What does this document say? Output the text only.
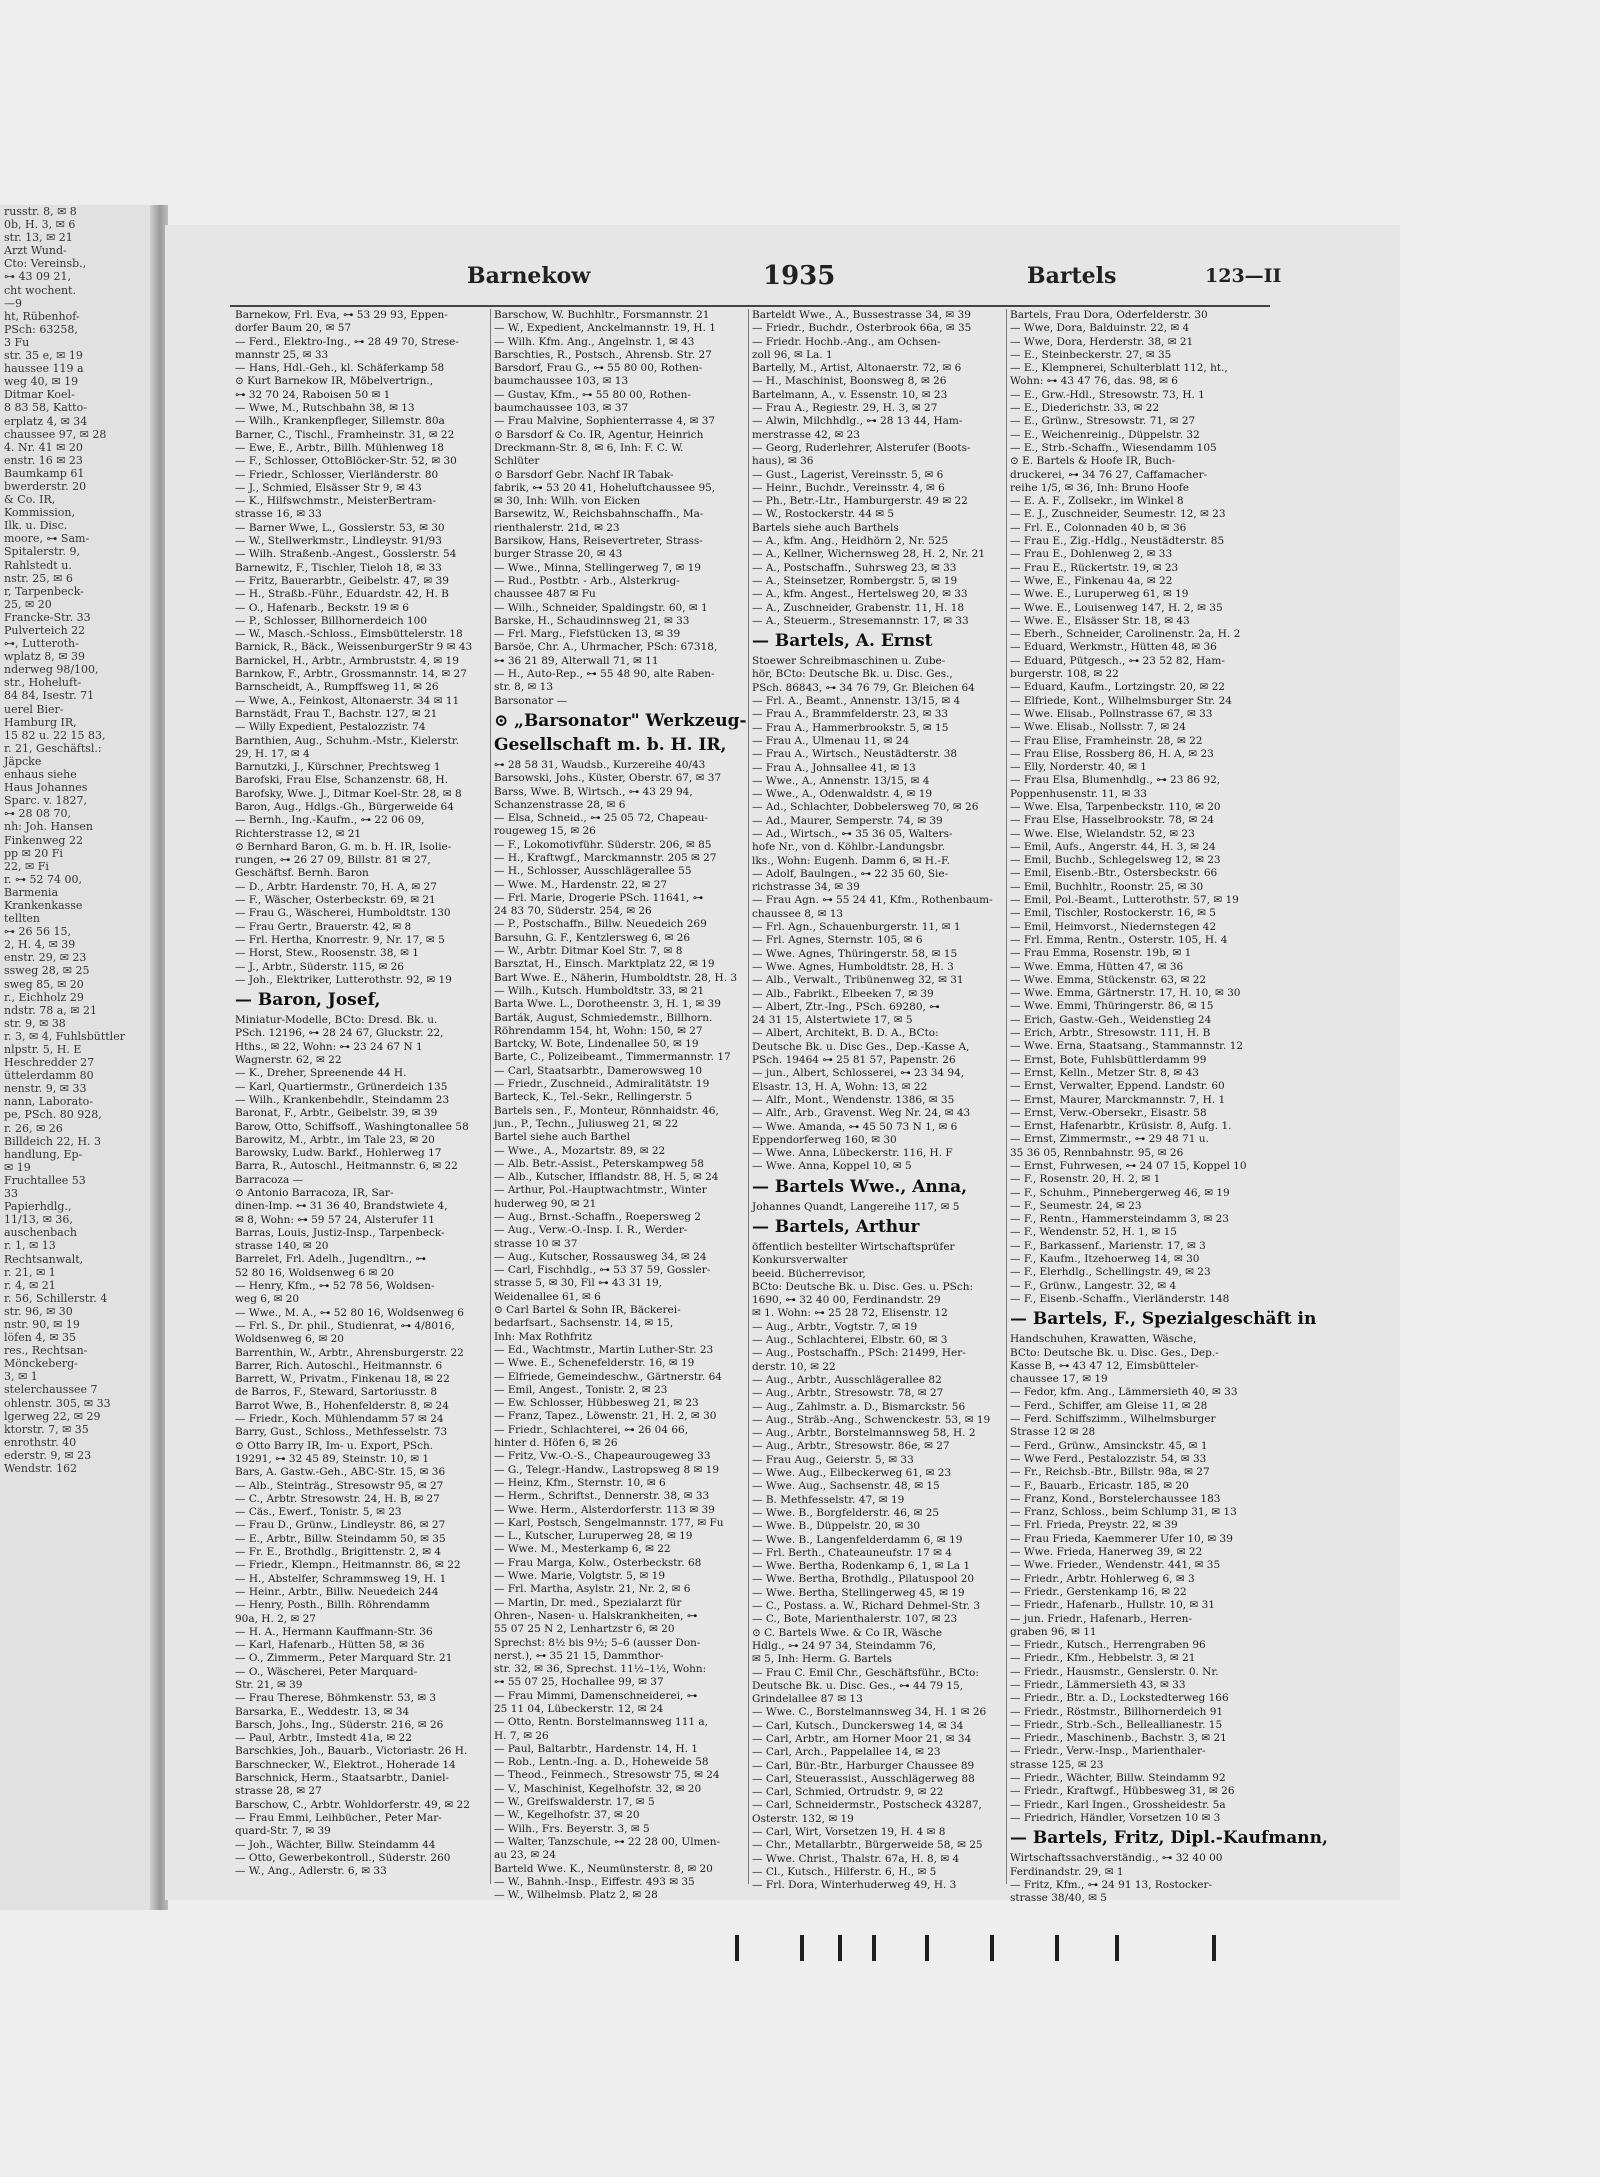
russtr. 8, ✉ 8
0b, H. 3, ✉ 6
str. 13, ✉ 21
Arzt Wund-
Cto: Vereinsb.,
⊶ 43 09 21,
cht wochent.
—9
ht, Rübenhof-
PSch: 63258,
3 Fu
str. 35 e, ✉ 19
haussee 119 a
weg 40, ✉ 19
Ditmar Koel-
8 83 58, Katto-
erplatz 4, ✉ 34
chaussee 97, ✉ 28
4. Nr. 41 ✉ 20
enstr. 16 ✉ 23
Baumkamp 61
bwerderstr. 20
& Co. IR,
Kommission,
Ilk. u. Disc.
moore, ⊶ Sam-
Spitalerstr. 9,
Rahlstedt u.
nstr. 25, ✉ 6
r, Tarpenbeck-
25, ✉ 20
Francke-Str. 33
Pulverteich 22
⊶, Lutteroth-
wplatz 8, ✉ 39
nderweg 98/100,
str., Hoheluft-
84 84, Isestr. 71
uerel Bier-
Hamburg IR,
15 82 u. 22 15 83,
r. 21, Geschäftsl.:
Jäpcke
enhaus siehe
Haus Johannes
Sparc. v. 1827,
⊶ 28 08 70,
nh: Joh. Hansen
Finkenweg 22
pp ✉ 20 Fi
22, ✉ Fi
r. ⊶ 52 74 00,
Barmenia
Krankenkasse
tellten
⊶ 26 56 15,
2, H. 4, ✉ 39
enstr. 29, ✉ 23
ssweg 28, ✉ 25
sweg 85, ✉ 20
r., Eichholz 29
ndstr. 78 a, ✉ 21
str. 9, ✉ 38
r. 3, ✉ 4, Fuhlsbüttler
nlpstr. 5, H. E
Heschredder 27
üttelerdamm 80
nenstr. 9, ✉ 33
nann, Laborato-
pe, PSch. 80 928,
r. 26, ✉ 26
Billdeich 22, H. 3
handlung, Ep-
✉ 19
Fruchtallee 53
33
Papierhdlg.,
11/13, ✉ 36,
auschenbach
r. 1, ✉ 13
Rechtsanwalt,
r. 21, ✉ 1
r. 4, ✉ 21
r. 56, Schillerstr. 4
str. 96, ✉ 30
nstr. 90, ✉ 19
löfen 4, ✉ 35
res., Rechtsan-
Mönckeberg-
3, ✉ 1
stelerchaussee 7
ohlenstr. 305, ✉ 33
lgerweg 22, ✉ 29
ktorstr. 7, ✉ 35
enrothstr. 40
ederstr. 9, ✉ 23
Wendstr. 162
Barnekow	1935	Bartels	123—II
Barnekow, Frl. Eva, ⊶ 53 29 93, Eppen-
dorfer Baum 20, ✉ 57
— Ferd., Elektro-Ing., ⊶ 28 49 70, Strese-
mannstr 25, ✉ 33
— Hans, Hdl.-Geh., kl. Schäferkamp 58
⊙ Kurt Barnekow IR, Möbelvertrign.,
⊶ 32 70 24, Raboisen 50 ✉ 1
— Wwe, M., Rutschbahn 38, ✉ 13
— Wilh., Krankenpfleger, Sillemstr. 80a
Barner, C., Tischl., Framheinstr. 31, ✉ 22
— Ewe, E., Arbtr., Billh. Mühlenweg 18
— F., Schlosser, OttoBlöcker-Str. 52, ✉ 30
— Friedr., Schlosser, Vierländerstr. 80
— J., Schmied, Elsässer Str 9, ✉ 43
— K., Hilfswchmstr., MeisterBertram-
strasse 16, ✉ 33
— Barner Wwe, L., Gosslerstr. 53, ✉ 30
— W., Stellwerkmstr., Lindleystr. 91/93
— Wilh. Straßenb.-Angest., Gosslerstr. 54
Barnewitz, F., Tischler, Tieloh 18, ✉ 33
— Fritz, Bauerarbtr., Geibelstr. 47, ✉ 39
— H., Straßb.-Führ., Eduardstr. 42, H. B
— O., Hafenarb., Beckstr. 19 ✉ 6
— P., Schlosser, Billhornerdeich 100
— W., Masch.-Schloss., Eimsbüttelerstr. 18
Barnick, R., Bäck., WeissenburgerStr 9 ✉ 43
Barnickel, H., Arbtr., Armbruststr. 4, ✉ 19
Barnkow, F., Arbtr., Grossmannstr. 14, ✉ 27
Barnscheidt, A., Rumpffsweg 11, ✉ 26
— Wwe, A., Feinkost, Altonaerstr. 34 ✉ 11
Barnstädt, Frau T., Bachstr. 127, ✉ 21
— Willy Expedient, Pestalozzistr. 74
Barnthien, Aug., Schuhm.-Mstr., Kielerstr.
29, H. 17, ✉ 4
Barnutzki, J., Kürschner, Prechtsweg 1
Barofski, Frau Else, Schanzenstr. 68, H.
Barofsky, Wwe. J., Ditmar Koel-Str. 28, ✉ 8
Baron, Aug., Hdlgs.-Gh., Bürgerweide 64
— Bernh., Ing.-Kaufm., ⊶ 22 06 09,
Richterstrasse 12, ✉ 21
⊙ Bernhard Baron, G. m. b. H. IR, Isolie-
rungen, ⊶ 26 27 09, Billstr. 81 ✉ 27,
Geschäftsf. Bernh. Baron
— D., Arbtr. Hardenstr. 70, H. A, ✉ 27
— F., Wäscher, Osterbeckstr. 69, ✉ 21
— Frau G., Wäscherei, Humboldtstr. 130
— Frau Gertr., Brauerstr. 42, ✉ 8
— Frl. Hertha, Knorrestr. 9, Nr. 17, ✉ 5
— Horst, Stew., Roosenstr. 38, ✉ 1
— J., Arbtr., Süderstr. 115, ✉ 26
— Joh., Elektriker, Lutterothstr. 92, ✉ 19
— Baron, Josef,
Miniatur-Modelle, BCto: Dresd. Bk. u.
PSch. 12196, ⊶ 28 24 67, Gluckstr. 22,
Hths., ✉ 22, Wohn: ⊶ 23 24 67 N 1
Wagnerstr. 62, ✉ 22
— K., Dreher, Spreenende 44 H.
— Karl, Quartiermstr., Grünerdeich 135
— Wilh., Krankenbehdlr., Steindamm 23
Baronat, F., Arbtr., Geibelstr. 39, ✉ 39
Barow, Otto, Schiffsoff., Washingtonallee 58
Barowitz, M., Arbtr., im Tale 23, ✉ 20
Barowsky, Ludw. Barkf., Hohlerweg 17
Barra, R., Autoschl., Heitmannstr. 6, ✉ 22
Barracoza —
⊙ Antonio Barracoza, IR, Sar-
dinen-Imp. ⊶ 31 36 40, Brandstwiete 4,
✉ 8, Wohn: ⊶ 59 57 24, Alsterufer 11
Barras, Louis, Justiz-Insp., Tarpenbeck-
strasse 140, ✉ 20
Barrelet, Frl. Adelh., Jugendltrn., ⊶
52 80 16, Woldsenweg 6 ✉ 20
— Henry, Kfm., ⊶ 52 78 56, Woldsen-
weg 6, ✉ 20
— Wwe., M. A., ⊶ 52 80 16, Woldsenweg 6
— Frl. S., Dr. phil., Studienrat, ⊶ 4/8016,
Woldsenweg 6, ✉ 20
Barrenthin, W., Arbtr., Ahrensburgerstr. 22
Barrer, Rich. Autoschl., Heitmannstr. 6
Barrett, W., Privatm., Finkenau 18, ✉ 22
de Barros, F., Steward, Sartoriusstr. 8
Barrot Wwe, B., Hohenfelderstr. 8, ✉ 24
— Friedr., Koch. Mühlendamm 57 ✉ 24
Barry, Gust., Schloss., Methfesselstr. 73
⊙ Otto Barry IR, Im- u. Export, PSch.
19291, ⊶ 32 45 89, Steinstr. 10, ✉ 1
Bars, A. Gastw.-Geh., ABC-Str. 15, ✉ 36
— Alb., Steinträg., Stresowstr 95, ✉ 27
— C., Arbtr. Stresowstr. 24, H. B, ✉ 27
— Cäs., Ewerf., Tonistr. 5, ✉ 23
— Frau D., Grünw., Lindleystr. 86, ✉ 27
— E., Arbtr., Billw. Steindamm 50, ✉ 35
— Fr. E., Brothdlg., Brigittenstr. 2, ✉ 4
— Friedr., Klempn., Heitmannstr. 86, ✉ 22
— H., Abstelfer, Schrammsweg 19, H. 1
— Heinr., Arbtr., Billw. Neuedeich 244
— Henry, Posth., Billh. Röhrendamm
90a, H. 2, ✉ 27
— H. A., Hermann Kauffmann-Str. 36
— Karl, Hafenarb., Hütten 58, ✉ 36
— O., Zimmerm., Peter Marquard Str. 21
— O., Wäscherei, Peter Marquard-
Str. 21, ✉ 39
— Frau Therese, Böhmkenstr. 53, ✉ 3
Barsarka, E., Weddestr. 13, ✉ 34
Barsch, Johs., Ing., Süderstr. 216, ✉ 26
— Paul, Arbtr., Imstedt 41a, ✉ 22
Barschkies, Joh., Bauarb., Victoriastr. 26 H.
Barschnecker, W., Elektrot., Hoherade 14
Barschnick, Herm., Staatsarbtr., Daniel-
strasse 28, ✉ 27
Barschow, C., Arbtr. Wohldorferstr. 49, ✉ 22
— Frau Emmi, Leihbücher., Peter Mar-
quard-Str. 7, ✉ 39
— Joh., Wächter, Billw. Steindamm 44
— Otto, Gewerbekontroll., Süderstr. 260
— W., Ang., Adlerstr. 6, ✉ 33
Barschow, W. Buchhltr., Forsmannstr. 21
— W., Expedient, Anckelmannstr. 19, H. 1
— Wilh. Kfm. Ang., Angelnstr. 1, ✉ 43
Barschties, R., Postsch., Ahrensb. Str. 27
Barsdorf, Frau G., ⊶ 55 80 00, Rothen-
baumchaussee 103, ✉ 13
— Gustav, Kfm., ⊶ 55 80 00, Rothen-
baumchaussee 103, ✉ 37
— Frau Malvine, Sophienterrasse 4, ✉ 37
⊙ Barsdorf & Co. IR, Agentur, Heinrich
Dreckmann-Str. 8, ✉ 6, Inh: F. C. W.
Schlüter
⊙ Barsdorf Gebr. Nachf IR Tabak-
fabrik, ⊶ 53 20 41, Hoheluftchaussee 95,
✉ 30, Inh: Wilh. von Eicken
Barsewitz, W., Reichsbahnschaffn., Ma-
rienthalerstr. 21d, ✉ 23
Barsikow, Hans, Reisevertreter, Strass-
burger Strasse 20, ✉ 43
— Wwe., Minna, Stellingerweg 7, ✉ 19
— Rud., Postbtr. - Arb., Alsterkrug-
chaussee 487 ✉ Fu
— Wilh., Schneider, Spaldingstr. 60, ✉ 1
Barske, H., Schaudinnsweg 21, ✉ 33
— Frl. Marg., Fiefstücken 13, ✉ 39
Barsöe, Chr. A., Uhrmacher, PSch: 67318,
⊶ 36 21 89, Alterwall 71, ✉ 11
— H., Auto-Rep., ⊶ 55 48 90, alte Raben-
str. 8, ✉ 13
Barsonator —
⊙ „Barsonator" Werkzeug-
Gesellschaft m. b. H. IR,
⊶ 28 58 31, Waudsb., Kurzereihe 40/43
Barsowski, Johs., Küster, Oberstr. 67, ✉ 37
Barss, Wwe. B, Wirtsch., ⊶ 43 29 94,
Schanzenstrasse 28, ✉ 6
— Elsa, Schneid., ⊶ 25 05 72, Chapeau-
rougeweg 15, ✉ 26
— F., Lokomotivführ. Süderstr. 206, ✉ 85
— H., Kraftwgf., Marckmannstr. 205 ✉ 27
— H., Schlosser, Ausschlägerallee 55
— Wwe. M., Hardenstr. 22, ✉ 27
— Frl. Marie, Drogerie PSch. 11641, ⊶
24 83 70, Süderstr. 254, ✉ 26
— P., Postschaffn., Billw. Neuedeich 269
Barsuhn, G. F., Kentzlersweg 6, ✉ 26
— W., Arbtr. Ditmar Koel Str. 7, ✉ 8
Barsztat, H., Einsch. Marktplatz 22, ✉ 19
Bart Wwe. E., Näherin, Humboldtstr. 28, H. 3
— Wilh., Kutsch. Humboldtstr. 33, ✉ 21
Barta Wwe. L., Dorotheenstr. 3, H. 1, ✉ 39
Barták, August, Schmiedemstr., Billhorn.
Röhrendamm 154, ht, Wohn: 150, ✉ 27
Bartcky, W. Bote, Lindenallee 50, ✉ 19
Barte, C., Polizeibeamt., Timmermannstr. 17
— Carl, Staatsarbtr., Damerowsweg 10
— Friedr., Zuschneid., Admiralitätstr. 19
Barteck, K., Tel.-Sekr., Rellingerstr. 5
Bartels sen., F., Monteur, Rönnhaidstr. 46,
jun., P., Techn., Juliusweg 21, ✉ 22
Bartel siehe auch Barthel
— Wwe., A., Mozartstr. 89, ✉ 22
— Alb. Betr.-Assist., Peterskampweg 58
— Alb., Kutscher, Ifflandstr. 88, H. 5, ✉ 24
— Arthur, Pol.-Hauptwachtmstr., Winter
huderweg 90, ✉ 21
— Aug., Brnst.-Schaffn., Roepersweg 2
— Aug., Verw.-O.-Insp. I. R., Werder-
strasse 10 ✉ 37
— Aug., Kutscher, Rossausweg 34, ✉ 24
— Carl, Fischhdlg., ⊶ 53 37 59, Gossler-
strasse 5, ✉ 30, Fil ⊶ 43 31 19,
Weidenallee 61, ✉ 6
⊙ Carl Bartel & Sohn IR, Bäckerei-
bedarfsart., Sachsenstr. 14, ✉ 15,
Inh: Max Rothfritz
— Ed., Wachtmstr., Martin Luther-Str. 23
— Wwe. E., Schenefelderstr. 16, ✉ 19
— Elfriede, Gemeindeschw., Gärtnerstr. 64
— Emil, Angest., Tonistr. 2, ✉ 23
— Ew. Schlosser, Hübbesweg 21, ✉ 23
— Franz, Tapez., Löwenstr. 21, H. 2, ✉ 30
— Friedr., Schlachterei, ⊶ 26 04 66,
hinter d. Höfen 6, ✉ 26
— Fritz, Vw.-O.-S., Chapeaurougeweg 33
— G., Telegr.-Handw., Lastropsweg 8 ✉ 19
— Heinz, Kfm., Sternstr. 10, ✉ 6
— Herm., Schriftst., Dennerstr. 38, ✉ 33
— Wwe. Herm., Alsterdorferstr. 113 ✉ 39
— Karl, Postsch, Sengelmannstr. 177, ✉ Fu
— L., Kutscher, Luruperweg 28, ✉ 19
— Wwe. M., Mesterkamp 6, ✉ 22
— Frau Marga, Kolw., Osterbeckstr. 68
— Wwe. Marie, Volgtstr. 5, ✉ 19
— Frl. Martha, Asylstr. 21, Nr. 2, ✉ 6
— Martin, Dr. med., Spezialarzt für
Ohren-, Nasen- u. Halskrankheiten, ⊶
55 07 25 N 2, Lenhartzstr 6, ✉ 20
Sprechst: 8½ bis 9½; 5–6 (ausser Don-
nerst.), ⊶ 35 21 15, Dammthor-
str. 32, ✉ 36, Sprechst. 11½–1½, Wohn:
⊶ 55 07 25, Hochallee 99, ✉ 37
— Frau Mimmi, Damenschneiderei, ⊶
25 11 04, Lübeckerstr. 12, ✉ 24
— Otto, Rentn. Borstelmannsweg 111 a,
H. 7, ✉ 26
— Paul, Baltarbtr., Hardenstr. 14, H. 1
— Rob., Lentn.-Ing. a. D., Hoheweide 58
— Theod., Feinmech., Stresowstr 75, ✉ 24
— V., Maschinist, Kegelhofstr. 32, ✉ 20
— W., Greifswalderstr. 17, ✉ 5
— W., Kegelhofstr. 37, ✉ 20
— Wilh., Frs. Beyerstr. 3, ✉ 5
— Walter, Tanzschule, ⊶ 22 28 00, Ulmen-
au 23, ✉ 24
Barteld Wwe. K., Neumünsterstr. 8, ✉ 20
— W., Bahnh.-Insp., Eiffestr. 493 ✉ 35
— W., Wilhelmsb. Platz 2, ✉ 28
Barteldt Wwe., A., Bussestrasse 34, ✉ 39
— Friedr., Buchdr., Osterbrook 66a, ✉ 35
— Friedr. Hochb.-Ang., am Ochsen-
zoll 96, ✉ La. 1
Bartelly, M., Artist, Altonaerstr. 72, ✉ 6
— H., Maschinist, Boonsweg 8, ✉ 26
Bartelmann, A., v. Essenstr. 10, ✉ 23
— Frau A., Regiestr. 29, H. 3, ✉ 27
— Alwin, Milchhdlg., ⊶ 28 13 44, Ham-
merstrasse 42, ✉ 23
— Georg, Ruderlehrer, Alsterufer (Boots-
haus), ✉ 36
— Gust., Lagerist, Vereinsstr. 5, ✉ 6
— Heinr., Buchdr., Vereinsstr. 4, ✉ 6
— Ph., Betr.-Ltr., Hamburgerstr. 49 ✉ 22
— W., Rostockerstr. 44 ✉ 5
Bartels siehe auch Barthels
— A., kfm. Ang., Heidhörn 2, Nr. 525
— A., Kellner, Wichernsweg 28, H. 2, Nr. 21
— A., Postschaffn., Suhrsweg 23, ✉ 33
— A., Steinsetzer, Rombergstr. 5, ✉ 19
— A., kfm. Angest., Hertelsweg 20, ✉ 33
— A., Zuschneider, Grabenstr. 11, H. 18
— A., Steuerm., Stresemannstr. 17, ✉ 33
— Bartels, A. Ernst
Stoewer Schreibmaschinen u. Zube-
hör, BCto: Deutsche Bk. u. Disc. Ges.,
PSch. 86843, ⊶ 34 76 79, Gr. Bleichen 64
— Frl. A., Beamt., Annenstr. 13/15, ✉ 4
— Frau A., Brammfelderstr. 23, ✉ 33
— Frau A., Hammerbrookstr. 5, ✉ 15
— Frau A., Ulmenau 11, ✉ 24
— Frau A., Wirtsch., Neustädterstr. 38
— Frau A., Johnsallee 41, ✉ 13
— Wwe., A., Annenstr. 13/15, ✉ 4
— Wwe., A., Odenwaldstr. 4, ✉ 19
— Ad., Schlachter, Dobbelersweg 70, ✉ 26
— Ad., Maurer, Semperstr. 74, ✉ 39
— Ad., Wirtsch., ⊶ 35 36 05, Walters-
hofe Nr., von d. Köhlbr.-Landungsbr.
lks., Wohn: Eugenh. Damm 6, ✉ H.-F.
— Adolf, Baulngen., ⊶ 22 35 60, Sie-
richstrasse 34, ✉ 39
— Frau Agn. ⊶ 55 24 41, Kfm., Rothenbaum-
chaussee 8, ✉ 13
— Frl. Agn., Schauenburgerstr. 11, ✉ 1
— Frl. Agnes, Sternstr. 105, ✉ 6
— Wwe. Agnes, Thüringerstr. 58, ✉ 15
— Wwe. Agnes, Humboldtstr. 28, H. 3
— Alb., Verwalt., Tribünenweg 32, ✉ 31
— Alb., Fabrikt., Elbeeken 7, ✉ 39
— Albert, Ztr.-Ing., PSch. 69280, ⊶
24 31 15, Alstertwiete 17, ✉ 5
— Albert, Architekt, B. D. A., BCto:
Deutsche Bk. u. Disc Ges., Dep.-Kasse A,
PSch. 19464 ⊶ 25 81 57, Papenstr. 26
— jun., Albert, Schlosserei, ⊶ 23 34 94,
Elsastr. 13, H. A, Wohn: 13, ✉ 22
— Alfr., Mont., Wendenstr. 1386, ✉ 35
— Alfr., Arb., Gravenst. Weg Nr. 24, ✉ 43
— Wwe. Amanda, ⊶ 45 50 73 N 1, ✉ 6
Eppendorferweg 160, ✉ 30
— Wwe. Anna, Lübeckerstr. 116, H. F
— Wwe. Anna, Koppel 10, ✉ 5
— Bartels Wwe., Anna,
Johannes Quandt, Langereihe 117, ✉ 5
— Bartels, Arthur
öffentlich bestellter Wirtschaftsprüfer
Konkursverwalter
beeid. Bücherrevisor,
BCto: Deutsche Bk. u. Disc. Ges. u. PSch:
1690, ⊶ 32 40 00, Ferdinandstr. 29
✉ 1. Wohn: ⊶ 25 28 72, Elisenstr. 12
— Aug., Arbtr., Vogtstr. 7, ✉ 19
— Aug., Schlachterei, Elbstr. 60, ✉ 3
— Aug., Postschaffn., PSch: 21499, Her-
derstr. 10, ✉ 22
— Aug., Arbtr., Ausschlägerallee 82
— Aug., Arbtr., Stresowstr. 78, ✉ 27
— Aug., Zahlmstr. a. D., Bismarckstr. 56
— Aug., Sträb.-Ang., Schwenckestr. 53, ✉ 19
— Aug., Arbtr., Borstelmannsweg 58, H. 2
— Aug., Arbtr., Stresowstr. 86e, ✉ 27
— Frau Aug., Geierstr. 5, ✉ 33
— Wwe. Aug., Eilbeckerweg 61, ✉ 23
— Wwe. Aug., Sachsenstr. 48, ✉ 15
— B. Methfesselstr. 47, ✉ 19
— Wwe. B., Borgfelderstr. 46, ✉ 25
— Wwe. B., Düppelstr. 20, ✉ 30
— Wwe. B., Langenfelderdamm 6, ✉ 19
— Frl. Berth., Chateauneufstr. 17 ✉ 4
— Wwe. Bertha, Rodenkamp 6, 1, ✉ La 1
— Wwe. Bertha, Brothdlg., Pilatuspool 20
— Wwe. Bertha, Stellingerweg 45, ✉ 19
— C., Postass. a. W., Richard Dehmel-Str. 3
— C., Bote, Marienthalerstr. 107, ✉ 23
⊙ C. Bartels Wwe. & Co IR, Wäsche
Hdlg., ⊶ 24 97 34, Steindamm 76,
✉ 5, Inh: Herm. G. Bartels
— Frau C. Emil Chr., Geschäftsführ., BCto:
Deutsche Bk. u. Disc. Ges., ⊶ 44 79 15,
Grindelallee 87 ✉ 13
— Wwe. C., Borstelmannsweg 34, H. 1 ✉ 26
— Carl, Kutsch., Dunckersweg 14, ✉ 34
— Carl, Arbtr., am Horner Moor 21, ✉ 34
— Carl, Arch., Pappelallee 14, ✉ 23
— Carl, Bür.-Btr., Harburger Chaussee 89
— Carl, Steuerassist., Ausschlägerweg 88
— Carl, Schmied, Ortrudstr. 9, ✉ 22
— Carl, Schneidermstr., Postscheck 43287,
Osterstr. 132, ✉ 19
— Carl, Wirt, Vorsetzen 19, H. 4 ✉ 8
— Chr., Metallarbtr., Bürgerweide 58, ✉ 25
— Wwe. Christ., Thalstr. 67a, H. 8, ✉ 4
— Cl., Kutsch., Hilferstr. 6, H., ✉ 5
— Frl. Dora, Winterhuderweg 49, H. 3
Bartels, Frau Dora, Oderfelderstr. 30
— Wwe, Dora, Balduinstr. 22, ✉ 4
— Wwe, Dora, Herderstr. 38, ✉ 21
— E., Steinbeckerstr. 27, ✉ 35
— E., Klempnerei, Schulterblatt 112, ht.,
Wohn: ⊶ 43 47 76, das. 98, ✉ 6
— E., Grw.-Hdl., Stresowstr. 73, H. 1
— E., Diederichstr. 33, ✉ 22
— E., Grünw., Stresowstr. 71, ✉ 27
— E., Weichenreinig., Düppelstr. 32
— E., Strb.-Schaffn., Wiesendamm 105
⊙ E. Bartels & Hoofe IR, Buch-
druckerei, ⊶ 34 76 27, Caffamacher-
reihe 1/5, ✉ 36, Inh: Bruno Hoofe
— E. A. F., Zollsekr., im Winkel 8
— E. J., Zuschneider, Seumestr. 12, ✉ 23
— Frl. E., Colonnaden 40 b, ✉ 36
— Frau E., Zig.-Hdlg., Neustädterstr. 85
— Frau E., Dohlenweg 2, ✉ 33
— Frau E., Rückertstr. 19, ✉ 23
— Wwe, E., Finkenau 4a, ✉ 22
— Wwe. E., Luruperweg 61, ✉ 19
— Wwe. E., Louisenweg 147, H. 2, ✉ 35
— Wwe. E., Elsässer Str. 18, ✉ 43
— Eberh., Schneider, Carolinenstr. 2a, H. 2
— Eduard, Werkmstr., Hütten 48, ✉ 36
— Eduard, Pütgesch., ⊶ 23 52 82, Ham-
burgerstr. 108, ✉ 22
— Eduard, Kaufm., Lortzingstr. 20, ✉ 22
— Elfriede, Kont., Wilhelmsburger Str. 24
— Wwe. Elisab., Pollnstrasse 67, ✉ 33
— Wwe. Elisab., Nollsstr. 7, ✉ 24
— Frau Elise, Framheinstr. 28, ✉ 22
— Frau Elise, Rossberg 86, H. A, ✉ 23
— Elly, Norderstr. 40, ✉ 1
— Frau Elsa, Blumenhdlg., ⊶ 23 86 92,
Poppenhusenstr. 11, ✉ 33
— Wwe. Elsa, Tarpenbeckstr. 110, ✉ 20
— Frau Else, Hasselbrookstr. 78, ✉ 24
— Wwe. Else, Wielandstr. 52, ✉ 23
— Emil, Aufs., Angerstr. 44, H. 3, ✉ 24
— Emil, Buchb., Schlegelsweg 12, ✉ 23
— Emil, Eisenb.-Btr., Ostersbeckstr. 66
— Emil, Buchhltr., Roonstr. 25, ✉ 30
— Emil, Pol.-Beamt., Lutterothstr. 57, ✉ 19
— Emil, Tischler, Rostockerstr. 16, ✉ 5
— Emil, Heimvorst., Niedernstegen 42
— Frl. Emma, Rentn., Osterstr. 105, H. 4
— Frau Emma, Rosenstr. 19b, ✉ 1
— Wwe. Emma, Hütten 47, ✉ 36
— Wwe. Emma, Stückenstr. 63, ✉ 22
— Wwe. Emma, Gärtnerstr. 17, H. 10, ✉ 30
— Wwe. Emmi, Thüringerstr. 86, ✉ 15
— Erich, Gastw.-Geh., Weidenstieg 24
— Erich, Arbtr., Stresowstr. 111, H. B
— Wwe. Erna, Staatsang., Stammannstr. 12
— Ernst, Bote, Fuhlsbüttlerdamm 99
— Ernst, Kelln., Metzer Str. 8, ✉ 43
— Ernst, Verwalter, Eppend. Landstr. 60
— Ernst, Maurer, Marckmannstr. 7, H. 1
— Ernst, Verw.-Obersekr., Eisastr. 58
— Ernst, Hafenarbtr., Krüsistr. 8, Aufg. 1.
— Ernst, Zimmermstr., ⊶ 29 48 71 u.
35 36 05, Rennbahnstr. 95, ✉ 26
— Ernst, Fuhrwesen, ⊶ 24 07 15, Koppel 10
— F., Rosenstr. 20, H. 2, ✉ 1
— F., Schuhm., Pinnebergerweg 46, ✉ 19
— F., Seumestr. 24, ✉ 23
— F., Rentn., Hammersteindamm 3, ✉ 23
— F., Wendenstr. 52, H. 1, ✉ 15
— F., Barkassenf., Marienstr. 17, ✉ 3
— F., Kaufm., Itzehoerweg 14, ✉ 30
— F., Elerhdlg., Schellingstr. 49, ✉ 23
— F., Grünw., Langestr. 32, ✉ 4
— F., Eisenb.-Schaffn., Vierländerstr. 148
— Bartels, F., Spezialgeschäft in
Handschuhen, Krawatten, Wäsche,
BCto: Deutsche Bk. u. Disc. Ges., Dep.-
Kasse B, ⊶ 43 47 12, Eimsbütteler-
chaussee 17, ✉ 19
— Fedor, kfm. Ang., Lämmersieth 40, ✉ 33
— Ferd., Schiffer, am Gleise 11, ✉ 28
— Ferd. Schiffszimm., Wilhelmsburger
Strasse 12 ✉ 28
— Ferd., Grünw., Amsinckstr. 45, ✉ 1
— Wwe Ferd., Pestalozzistr. 54, ✉ 33
— Fr., Reichsb.-Btr., Billstr. 98a, ✉ 27
— F., Bauarb., Ericastr. 185, ✉ 20
— Franz, Kond., Borstelerchaussee 183
— Franz, Schloss., beim Schlump 31, ✉ 13
— Frl. Frieda, Preystr. 22, ✉ 39
— Frau Frieda, Kaemmerer Ufer 10, ✉ 39
— Wwe. Frieda, Hanerweg 39, ✉ 22
— Wwe. Frieder., Wendenstr. 441, ✉ 35
— Friedr., Arbtr. Hohlerweg 6, ✉ 3
— Friedr., Gerstenkamp 16, ✉ 22
— Friedr., Hafenarb., Hullstr. 10, ✉ 31
— jun. Friedr., Hafenarb., Herren-
graben 96, ✉ 11
— Friedr., Kutsch., Herrengraben 96
— Friedr., Kfm., Hebbelstr. 3, ✉ 21
— Friedr., Hausmstr., Genslerstr. 0. Nr.
— Friedr., Lämmersieth 43, ✉ 33
— Friedr., Btr. a. D., Lockstedterweg 166
— Friedr., Röstmstr., Billhornerdeich 91
— Friedr., Strb.-Sch., Belleallianestr. 15
— Friedr., Maschinenb., Bachstr. 3, ✉ 21
— Friedr., Verw.-Insp., Marienthaler-
strasse 125, ✉ 23
— Friedr., Wächter, Billw. Steindamm 92
— Friedr., Kraftwgf., Hübbesweg 31, ✉ 26
— Friedr., Karl Ingen., Grossheidestr. 5a
— Friedrich, Händler, Vorsetzen 10 ✉ 3
— Bartels, Fritz, Dipl.-Kaufmann,
Wirtschaftssachverständig., ⊶ 32 40 00
Ferdinandstr. 29, ✉ 1
— Fritz, Kfm., ⊶ 24 91 13, Rostocker-
strasse 38/40, ✉ 5
